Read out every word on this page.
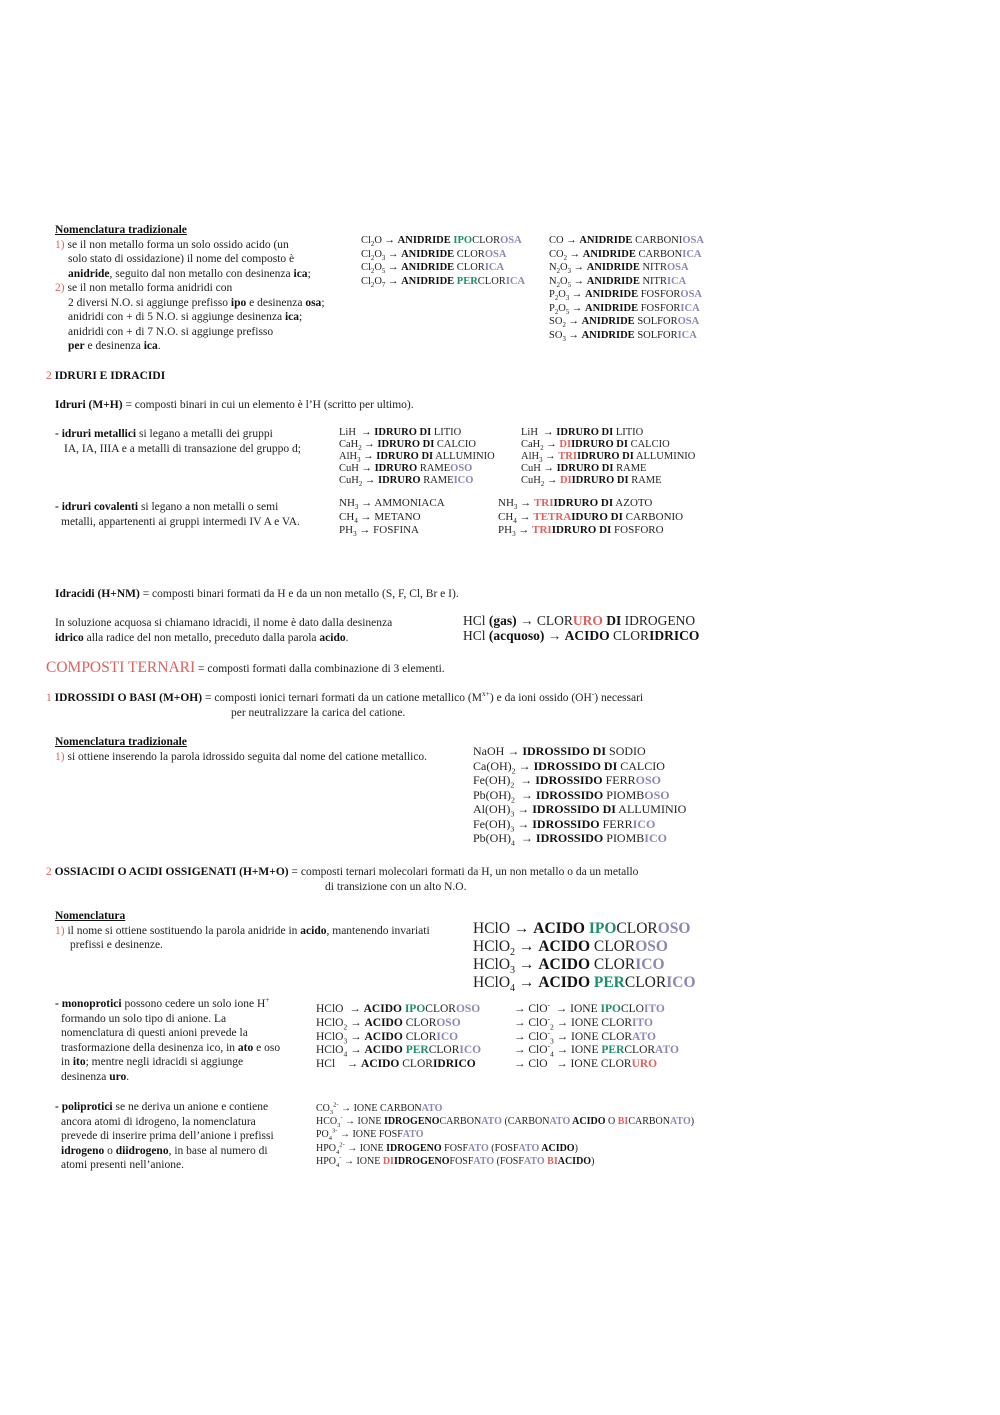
Nomenclatura tradizionale
1) se il non metallo forma un solo ossido acido (un
solo stato di ossidazione) il nome del composto è
anidride, seguito dal non metallo con desinenza ica;
2) se il non metallo forma anidridi con
2 diversi N.O. si aggiunge prefisso ipo e desinenza osa;
anidridi con + di 5 N.O. si aggiunge desinenza ica;
anidridi con + di 7 N.O. si aggiunge prefisso
per e desinenza ica.
$Cl_2O$ → ANIDRIDE IPOCLOROSA
$Cl_2O_3$ → ANIDRIDE CLOROSA
$Cl_2O_5$ → ANIDRIDE CLORICA
$Cl_2O_7$ → ANIDRIDE PERCLORICA
CO → ANIDRIDE CARBONIOSA
$CO_2$ → ANIDRIDE CARBONICA
$N_2O_3$ → ANIDRIDE NITROSA
$N_2O_5$ → ANIDRIDE NITRICA
$P_2O_3$ → ANIDRIDE FOSFOROSA
$P_2O_5$ → ANIDRIDE FOSFORICA
$SO_2$ → ANIDRIDE SOLFOROSA
$SO_3$ → ANIDRIDE SOLFORICA
2 IDRURI E IDRACIDI
Idruri (M+H) = composti binari in cui un elemento è l’H (scritto per ultimo).
- idruri metallici si legano a metalli dei gruppi
IA, IA, IIIA e a metalli di transazione del gruppo d;
LiH → IDRURO DI LITIO
CaH$_2$ → IDRURO DI CALCIO
AlH$_3$ → IDRURO DI ALLUMINIO
CuH → IDRURO RAMEOSO
CuH$_2$ → IDRURO RAMEICO
LiH → IDRURO DI LITIO
CaH$_2$ → DIIDRURO DI CALCIO
AlH$_3$ → TRIIDRURO DI ALLUMINIO
CuH → IDRURO DI RAME
CuH$_2$ → DIIDRURO DI RAME
- idruri covalenti si legano a non metalli o semi
metalli, appartenenti ai gruppi intermedi IV A e VA.
$NH_3$ → AMMONIACA
$CH_4$ → METANO
$PH_3$ → FOSFINA
$NH_3$ → TRIIDRURO DI AZOTO
$CH_4$ → TETRAIDURO DI CARBONIO
$PH_3$ → TRIIDRURO DI FOSFORO
Idracidi (H+NM) = composti binari formati da H e da un non metallo (S, F, Cl, Br e I).
In soluzione acquosa si chiamano idracidi, il nome è dato dalla desinenza
idrico alla radice del non metallo, preceduto dalla parola acido.
HCl (gas) → CLORURO DI IDROGENO
HCl (acquoso) → ACIDO CLORIDRICO
COMPOSTI TERNARI = composti formati dalla combinazione di 3 elementi.
1 IDROSSIDI O BASI (M+OH) = composti ionici ternari formati da un catione metallico $(M^{x+})$ e da ioni ossido (OH-) necessari
per neutralizzare la carica del catione.
Nomenclatura tradizionale
1) si ottiene inserendo la parola idrossido seguita dal nome del catione metallico.	NaOH → IDROSSIDO DI SODIO
$Ca(OH)_2$ → IDROSSIDO DI CALCIO
$Fe(OH)_2$ → IDROSSIDO FERROSO
$Pb(OH)_2$ → IDROSSIDO PIOMBOSO
$Al(OH)_3$ → IDROSSIDO DI ALLUMINIO
$Fe(OH)_3$ → IDROSSIDO FERRICO
$Pb(OH)_4$ → IDROSSIDO PIOMBICO
2 OSSIACIDI O ACIDI OSSIGENATI (H+M+O) = composti ternari molecolari formati da H, un non metallo o da un metallo
di transizione con un alto N.O.
Nomenclatura
1) il nome si ottiene sostituendo la parola anidride in acido, mantenendo invariati
prefissi e desinenze.
HClO → ACIDO IPOCLOROSO
HClO$_2$ → ACIDO CLOROSO
HClO$_3$ → ACIDO CLORICO
HClO$_4$ → ACIDO PERCLORICO
- monoprotici possono cedere un solo ione H+
formando un solo tipo di anione. La
nomenclatura di questi anioni prevede la
trasformazione della desinenza ico, in ato e oso
in ito; mentre negli idracidi si aggiunge
desinenza uro.
HClO → ACIDO IPOCLOROSO
HClO$_2$ → ACIDO CLOROSO
HClO$_3$ → ACIDO CLORICO
HClO$_4$ → ACIDO PERCLORICO
HCl → ACIDO CLORIDRICO
→ ClO- → IONE IPOCLOITO
→ ClO-$_2$ → IONE CLORITO
→ ClO-$_3$ → IONE CLORATO
→ ClO-$_4$ → IONE PERCLORATO
→ ClO → IONE CLORURO
- poliprotici se ne deriva un anione e contiene
ancora atomi di idrogeno, la nomenclatura
prevede di inserire prima dell’anione i prefissi
idrogeno o diidrogeno, in base al numero di
atomi presenti nell’anione.
$CO_3^{2-}$ → IONE CARBONATO
$HCO_3^-$ → IONE IDROGENOCARBONATO (CARBONATO ACIDO O BICARBONATO)
$PO_4^{3-}$ → IONE FOSFATO
$HPO_4^{2-}$ → IONE IDROGENO FOSFATO (FOSFATO ACIDO)
$HPO_4^-$ → IONE DIIDROGENOFOSFATO (FOSFATO BIACIDO)
